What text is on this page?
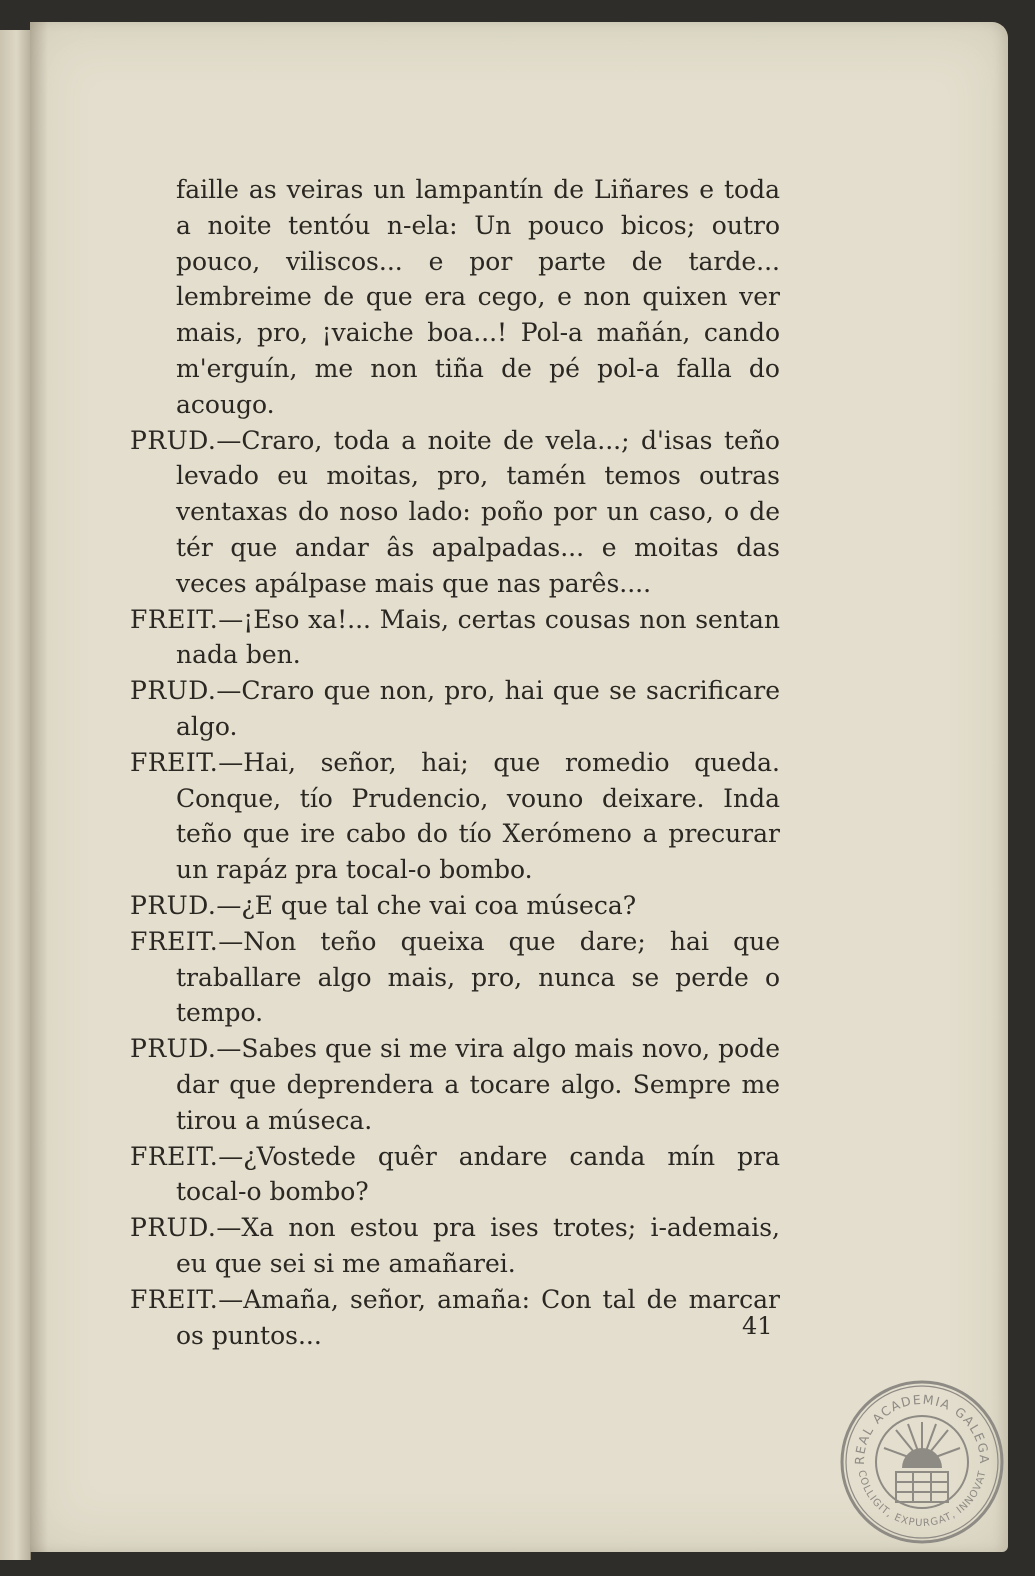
faille as veiras un lampantín de Liñares e toda a noite tentóu n-ela: Un pouco bicos; outro pouco, viliscos... e por parte de tarde... lembreime de que era cego, e non quixen ver mais, pro, ¡vaiche boa...! Pol-a mañán, cando m'erguín, me non tiña de pé pol-a falla do acougo.

PRUD.—Craro, toda a noite de vela...; d'isas teño levado eu moitas, pro, tamén temos outras ventaxas do noso lado: poño por un caso, o de tér que andar âs apalpadas... e moitas das veces apálpase mais que nas parês....

FREIT.—¡Eso xa!... Mais, certas cousas non sentan nada ben.

PRUD.—Craro que non, pro, hai que se sacrificare algo.

FREIT.—Hai, señor, hai; que romedio queda. Conque, tío Prudencio, vouno deixare. Inda teño que ire cabo do tío Xerómeno a precurar un rapáz pra tocal-o bombo.

PRUD.—¿E que tal che vai coa múseca?

FREIT.—Non teño queixa que dare; hai que traballare algo mais, pro, nunca se perde o tempo.

PRUD.—Sabes que si me vira algo mais novo, pode dar que deprendera a tocare algo. Sempre me tirou a múseca.

FREIT.—¿Vostede quêr andare canda mín pra tocal-o bombo?

PRUD.—Xa non estou pra ises trotes; i-ademais, eu que sei si me amañarei.

FREIT.—Amaña, señor, amaña: Con tal de marcar os puntos...	41
REAL ACADEMIA GALEGA
COLLIGIT, EXPURGAT, INNOVAT
